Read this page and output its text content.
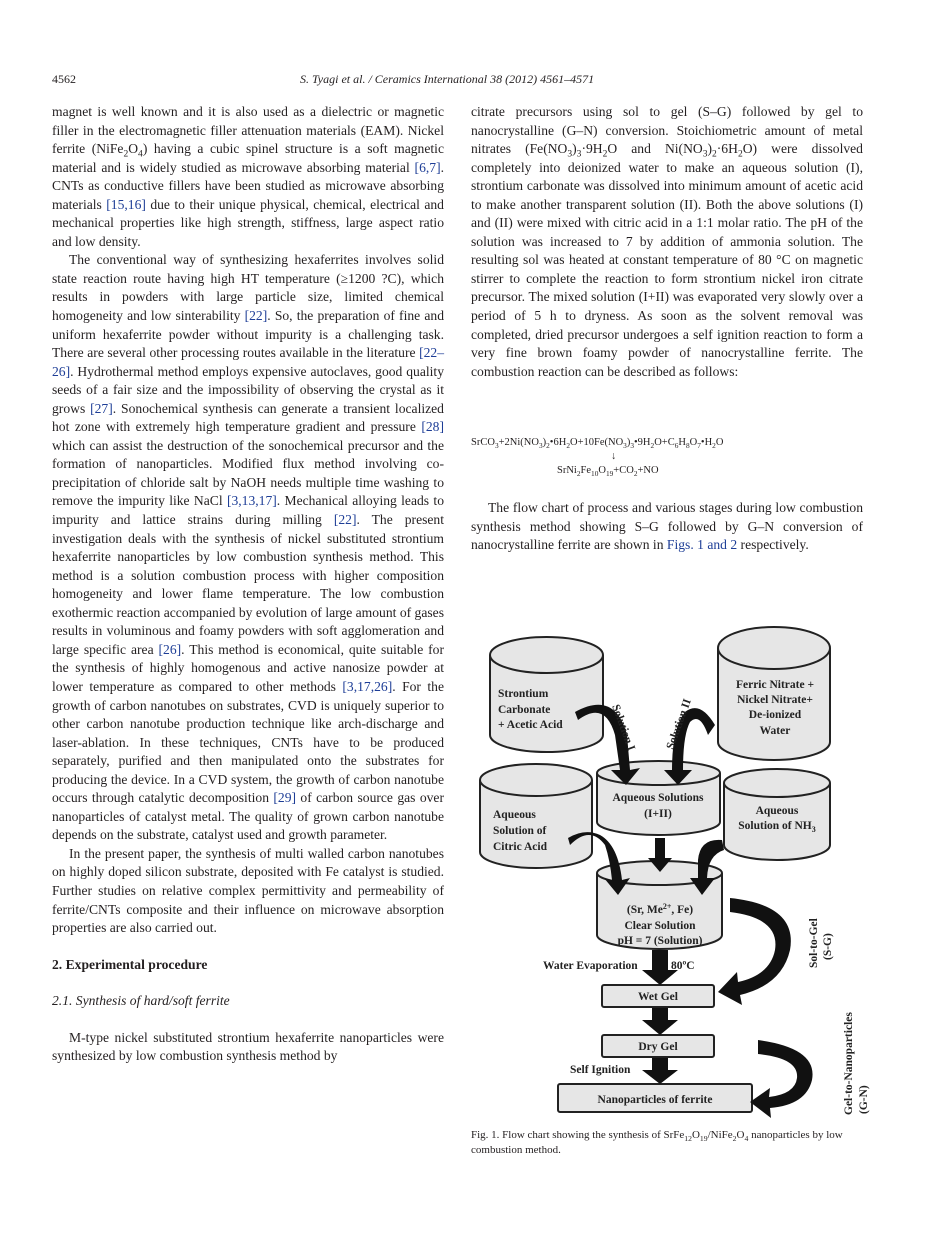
4562	S. Tyagi et al. / Ceramics International 38 (2012) 4561–4571

magnet is well known and it is also used as a dielectric or magnetic filler in the electromagnetic filler attenuation materials (EAM). Nickel ferrite $(NiFe_2O_4)$ having a cubic spinel structure is a soft magnetic material and is widely studied as microwave absorbing material [6,7]. CNTs as conductive fillers have been studied as microwave absorbing materials [15,16] due to their unique physical, chemical, electrical and mechanical properties like high strength, stiffness, large aspect ratio and low density.

The conventional way of synthesizing hexaferrites involves solid state reaction route having high HT temperature (≥1200 ?C), which results in powders with large particle size, limited chemical homogeneity and low sinterability [22]. So, the preparation of fine and uniform hexaferrite powder without impurity is a challenging task. There are several other processing routes available in the literature [22–26]. Hydrothermal method employs expensive autoclaves, good quality seeds of a fair size and the impossibility of observing the crystal as it grows [27]. Sonochemical synthesis can generate a transient localized hot zone with extremely high temperature gradient and pressure [28] which can assist the destruction of the sonochemical precursor and the formation of nanoparticles. Modified flux method involving co-precipitation of chloride salt by NaOH needs multiple time washing to remove the impurity like NaCl [3,13,17]. Mechanical alloying leads to impurity and lattice strains during milling [22]. The present investigation deals with the synthesis of nickel substituted strontium hexaferrite nanoparticles by low combustion synthesis method. This method is a solution combustion process with higher composition homogeneity and lower flame temperature. The low combustion exothermic reaction accompanied by evolution of large amount of gases results in voluminous and foamy powders with soft agglomeration and large specific area [26]. This method is economical, quite suitable for the synthesis of highly homogenous and active nanosize powder at lower temperature as compared to other methods [3,17,26]. For the growth of carbon nanotubes on substrates, CVD is uniquely superior to other carbon nanotube production technique like arch-discharge and laser-ablation. In these techniques, CNTs have to be produced separately, purified and then manipulated onto the substrates for producing the device. In a CVD system, the growth of carbon nanotube occurs through catalytic decomposition [29] of carbon source gas over nanoparticles of catalyst metal. The quality of grown carbon nanotube depends on the substrate, catalyst used and growth parameter.

In the present paper, the synthesis of multi walled carbon nanotubes on highly doped silicon substrate, deposited with Fe catalyst is studied. Further studies on relative complex permittivity and permeability of ferrite/CNTs composite and their influence on microwave absorption properties are also carried out.

2. Experimental procedure
2.1. Synthesis of hard/soft ferrite

M-type nickel substituted strontium hexaferrite nanoparticles were synthesized by low combustion synthesis method by

citrate precursors using sol to gel (S–G) followed by gel to nanocrystalline (G–N) conversion. Stoichiometric amount of metal nitrates ($Fe(NO_3)_3\cdot 9H_2O$ and $Ni(NO_3)_2\cdot 6H_2O$) were dissolved completely into deionized water to make an aqueous solution (I), strontium carbonate was dissolved into minimum amount of acetic acid to make another transparent solution (II). Both the above solutions (I) and (II) were mixed with citric acid in a 1:1 molar ratio. The pH of the solution was increased to 7 by addition of ammonia solution. The resulting sol was heated at constant temperature of 80 °C on magnetic stirrer to complete the reaction to form strontium nickel iron citrate precursor. The mixed solution (I+II) was evaporated very slowly over a period of 5 h to dryness. As soon as the solvent removal was completed, dried precursor undergoes a self ignition reaction to form a very fine brown foamy powder of nanocrystalline ferrite. The combustion reaction can be described as follows:

$SrCO_3+2Ni(NO_3)_2•6H_2O+10Fe(NO_3)_3•9H_2O+C_6H_8O_7•H_2O$
↓
$SrNi_2Fe_{10}O_{19}+CO_2+NO$

The flow chart of process and various stages during low combustion synthesis method showing S–G followed by G–N conversion of nanocrystalline ferrite are shown in Figs. 1 and 2 respectively.

Strontium
Carbonate
+ Acetic Acid
Ferric Nitrate +
Nickel Nitrate+
De-ionized
Water
Solution I Solution II
Aqueous Solutions
(I+II)
Aqueous
Solution of
Citric Acid
Aqueous
Solution of $NH_3$
(Sr, $Me^{2+}$, Fe)
Clear Solution
pH = 7 (Solution)
Water Evaporation	80ºC
Wet Gel
Dry Gel
Self Ignition
Nanoparticles of ferrite
Sol-to-Gel (S-G)
Gel-to-Nanoparticles (G-N)
Fig. 1. Flow chart showing the synthesis of $SrFe_{12}O_{19}/NiFe_2O_4$ nanoparticles by low combustion method.
